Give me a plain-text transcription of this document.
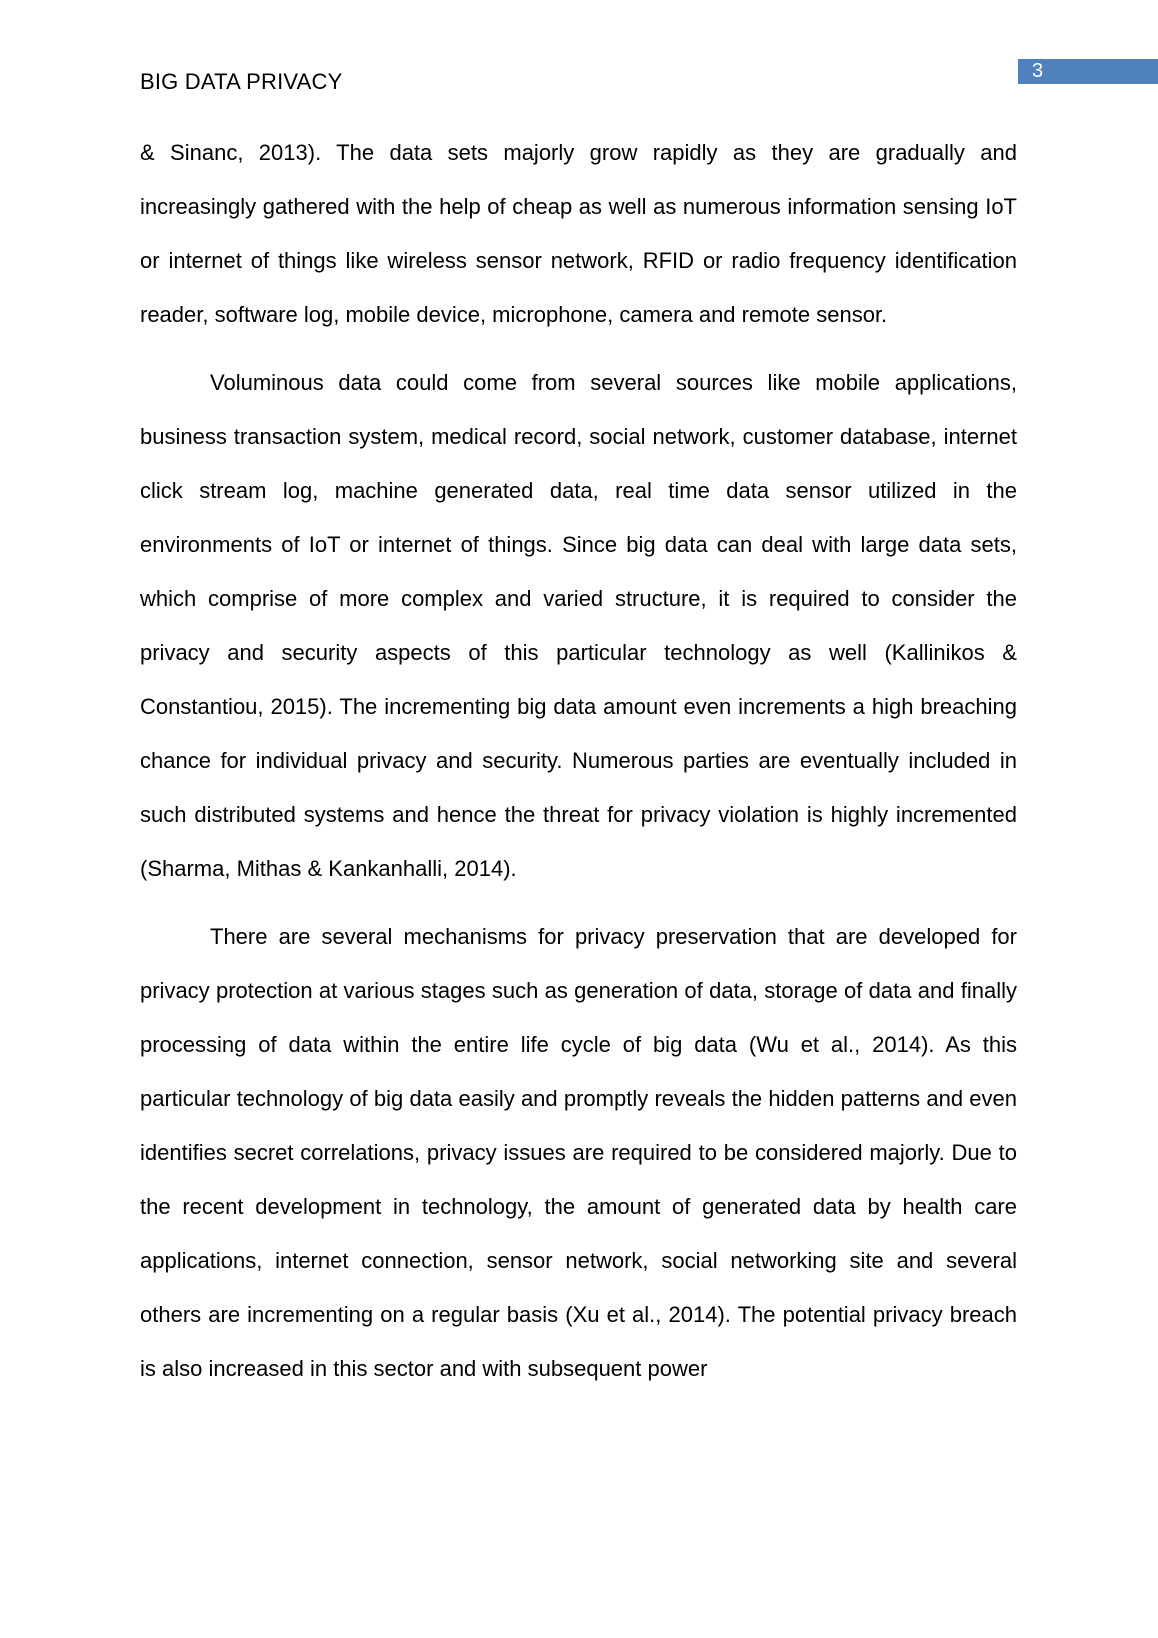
3
BIG DATA PRIVACY

& Sinanc, 2013). The data sets majorly grow rapidly as they are gradually and increasingly gathered with the help of cheap as well as numerous information sensing IoT or internet of things like wireless sensor network, RFID or radio frequency identification reader, software log, mobile device, microphone, camera and remote sensor.

Voluminous data could come from several sources like mobile applications, business transaction system, medical record, social network, customer database, internet click stream log, machine generated data, real time data sensor utilized in the environments of IoT or internet of things. Since big data can deal with large data sets, which comprise of more complex and varied structure, it is required to consider the privacy and security aspects of this particular technology as well (Kallinikos & Constantiou, 2015). The incrementing big data amount even increments a high breaching chance for individual privacy and security. Numerous parties are eventually included in such distributed systems and hence the threat for privacy violation is highly incremented (Sharma, Mithas & Kankanhalli, 2014).

There are several mechanisms for privacy preservation that are developed for privacy protection at various stages such as generation of data, storage of data and finally processing of data within the entire life cycle of big data (Wu et al., 2014). As this particular technology of big data easily and promptly reveals the hidden patterns and even identifies secret correlations, privacy issues are required to be considered majorly. Due to the recent development in technology, the amount of generated data by health care applications, internet connection, sensor network, social networking site and several others are incrementing on a regular basis (Xu et al., 2014). The potential privacy breach is also increased in this sector and with subsequent power
